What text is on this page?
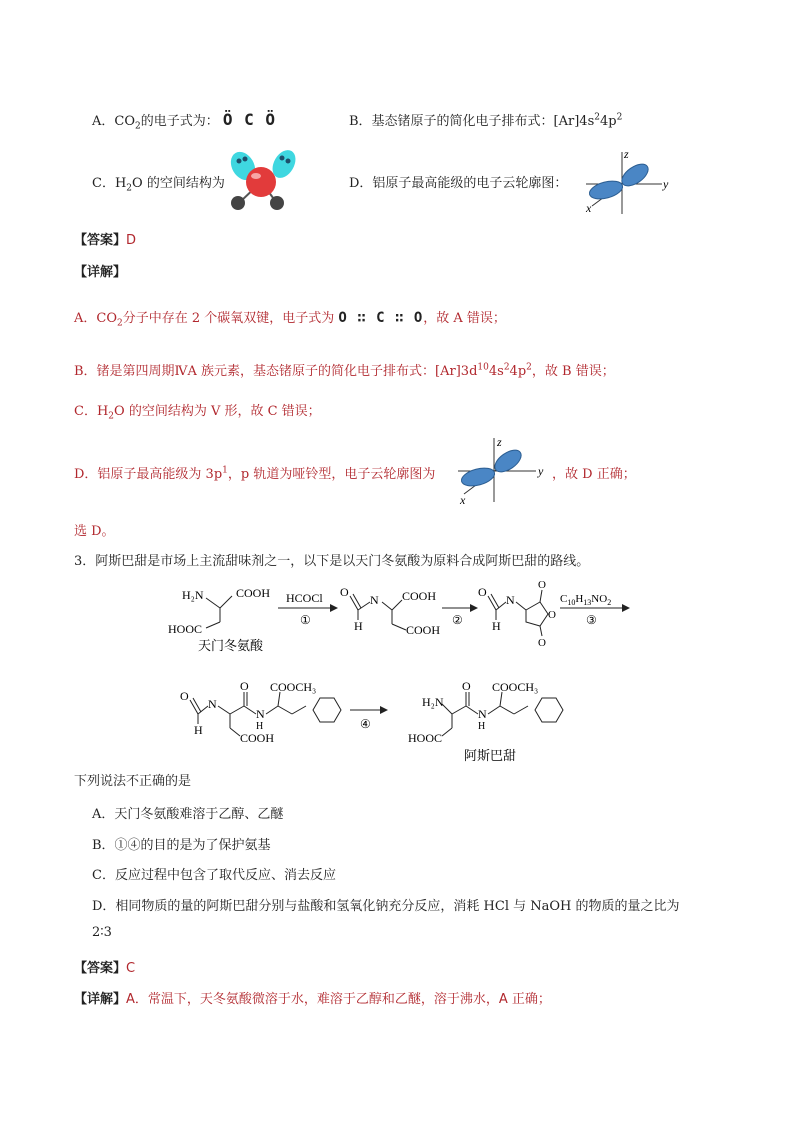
A．$CO_2$的电子式为： Ö C Ö	B．基态锗原子的简化电子排布式：$[Ar]4s^24p^2$
C．$H_2O$ 的空间结构为	D．铝原子最高能级的电子云轮廓图：
z
y
x
【答案】D
【详解】
A．$CO_2$分子中存在 2 个碳氧双键，电子式为 O ∷ C ∷ O，故 A 错误；
B．锗是第四周期ⅣA 族元素，基态锗原子的简化电子排布式：$[Ar]3d^{10}4s^24p^2$，故 B 错误；
C．$H_2O$ 的空间结构为 V 形，故 C 错误；
D．铝原子最高能级为 $3p^1$，p 轨道为哑铃型，电子云轮廓图为
z
y
x
，故 D 正确；
选 D。
3．阿斯巴甜是市场上主流甜味剂之一，以下是以天门冬氨酸为原料合成阿斯巴甜的路线。
H₂N	COOH
HOOC
天门冬氨酸
HCOCl
①
O
H
N COOH
COOH
②
O
H
N
O
O
O
$C_{10}H_{13}NO_2$
③
O
H
N
O
N
H
COOCH₃
COOH
④
H₂N
O
N
H
COOCH₃
HOOC
阿斯巴甜
下列说法不正确的是
A．天门冬氨酸难溶于乙醇、乙醚
B．①④的目的是为了保护氨基
C．反应过程中包含了取代反应、消去反应
D．相同物质的量的阿斯巴甜分别与盐酸和氢氧化钠充分反应，消耗 HCl 与 NaOH 的物质的量之比为
2∶3
【答案】C
【详解】A．常温下，天冬氨酸微溶于水，难溶于乙醇和乙醚，溶于沸水，A 正确；
